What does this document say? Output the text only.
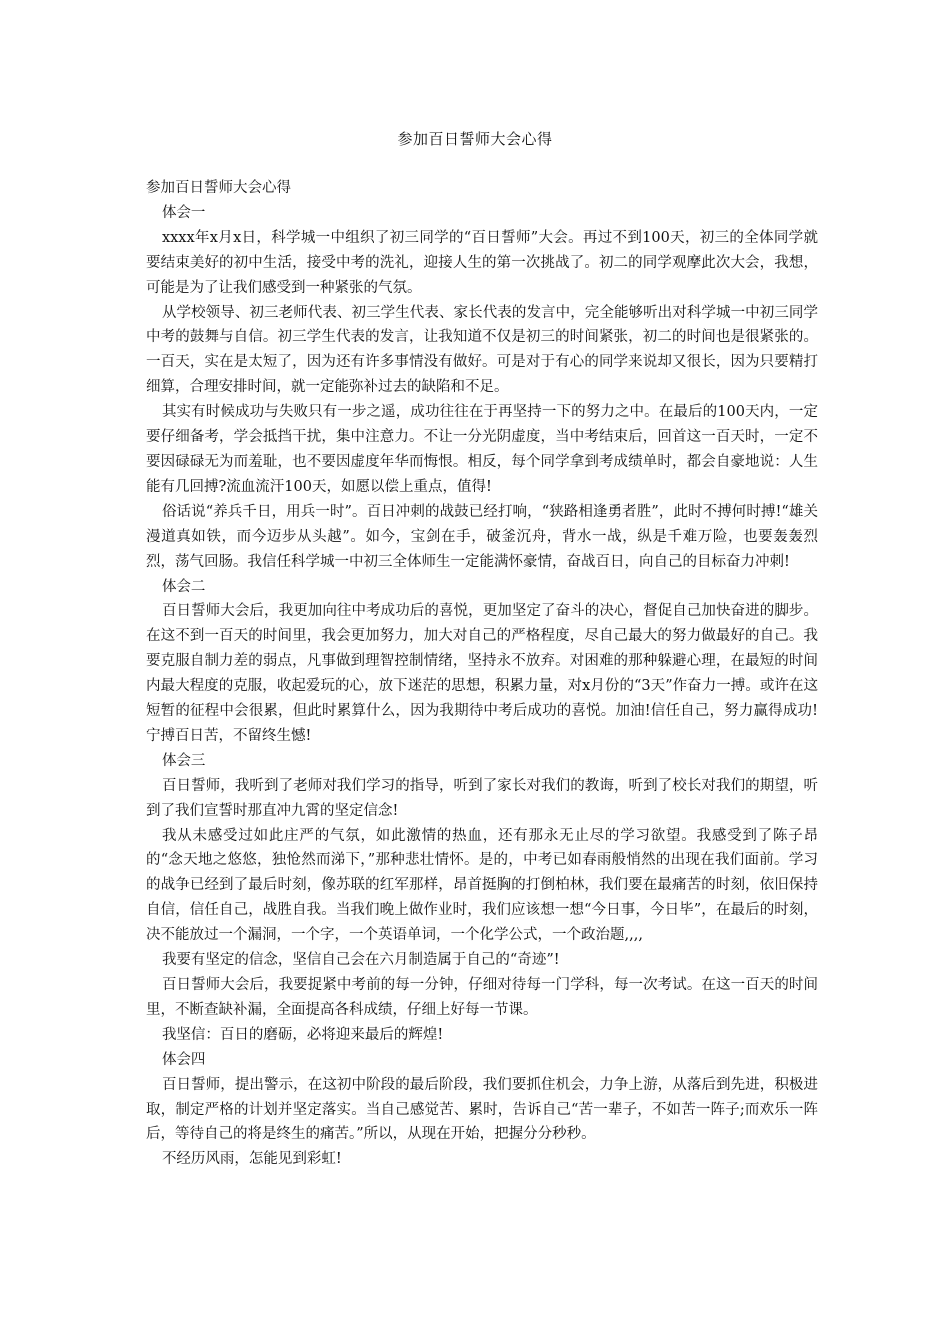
参加百日誓师大会心得

参加百日誓师大会心得

体会一

xxxx年x月x日，科学城一中组织了初三同学的“百日誓师”大会。再过不到100天，初三的全体同学就要结束美好的初中生活，接受中考的洗礼，迎接人生的第一次挑战了。初二的同学观摩此次大会，我想，可能是为了让我们感受到一种紧张的气氛。

从学校领导、初三老师代表、初三学生代表、家长代表的发言中，完全能够听出对科学城一中初三同学中考的鼓舞与自信。初三学生代表的发言，让我知道不仅是初三的时间紧张，初二的时间也是很紧张的。一百天，实在是太短了，因为还有许多事情没有做好。可是对于有心的同学来说却又很长，因为只要精打细算，合理安排时间，就一定能弥补过去的缺陷和不足。

其实有时候成功与失败只有一步之遥，成功往往在于再坚持一下的努力之中。在最后的100天内，一定要仔细备考，学会抵挡干扰，集中注意力。不让一分光阴虚度，当中考结束后，回首这一百天时，一定不要因碌碌无为而羞耻，也不要因虚度年华而悔恨。相反，每个同学拿到考成绩单时，都会自豪地说：人生能有几回搏?流血流汗100天，如愿以偿上重点，值得!

俗话说“养兵千日，用兵一时”。百日冲刺的战鼓已经打响，“狭路相逢勇者胜”，此时不搏何时搏!“雄关漫道真如铁，而今迈步从头越”。如今，宝剑在手，破釜沉舟，背水一战，纵是千难万险，也要轰轰烈烈，荡气回肠。我信任科学城一中初三全体师生一定能满怀豪情，奋战百日，向自己的目标奋力冲刺!

体会二

百日誓师大会后，我更加向往中考成功后的喜悦，更加坚定了奋斗的决心，督促自己加快奋进的脚步。在这不到一百天的时间里，我会更加努力，加大对自己的严格程度，尽自己最大的努力做最好的自己。我要克服自制力差的弱点，凡事做到理智控制情绪，坚持永不放弃。对困难的那种躲避心理，在最短的时间内最大程度的克服，收起爱玩的心，放下迷茫的思想，积累力量，对x月份的“3天”作奋力一搏。或许在这短暂的征程中会很累，但此时累算什么，因为我期待中考后成功的喜悦。加油!信任自己，努力赢得成功! 宁搏百日苦，不留终生憾!

体会三

百日誓师，我听到了老师对我们学习的指导，听到了家长对我们的教诲，听到了校长对我们的期望，听到了我们宣誓时那直冲九霄的坚定信念!

我从未感受过如此庄严的气氛，如此激情的热血，还有那永无止尽的学习欲望。我感受到了陈子昂的“念天地之悠悠，独怆然而涕下，”那种悲壮情怀。是的，中考已如春雨般悄然的出现在我们面前。学习的战争已经到了最后时刻，像苏联的红军那样，昂首挺胸的打倒柏林，我们要在最痛苦的时刻，依旧保持自信，信任自己，战胜自我。当我们晚上做作业时，我们应该想一想“今日事，今日毕”，在最后的时刻，决不能放过一个漏洞，一个字，一个英语单词，一个化学公式，一个政治题,,,,

我要有坚定的信念，坚信自己会在六月制造属于自己的“奇迹”!

百日誓师大会后，我要捉紧中考前的每一分钟，仔细对待每一门学科，每一次考试。在这一百天的时间里，不断查缺补漏，全面提高各科成绩，仔细上好每一节课。

我坚信：百日的磨砺，必将迎来最后的辉煌!

体会四

百日誓师，提出警示，在这初中阶段的最后阶段，我们要抓住机会，力争上游，从落后到先进，积极进取，制定严格的计划并坚定落实。当自己感觉苦、累时，告诉自己“苦一辈子，不如苦一阵子;而欢乐一阵后，等待自己的将是终生的痛苦。”所以，从现在开始，把握分分秒秒。

不经历风雨，怎能见到彩虹!
